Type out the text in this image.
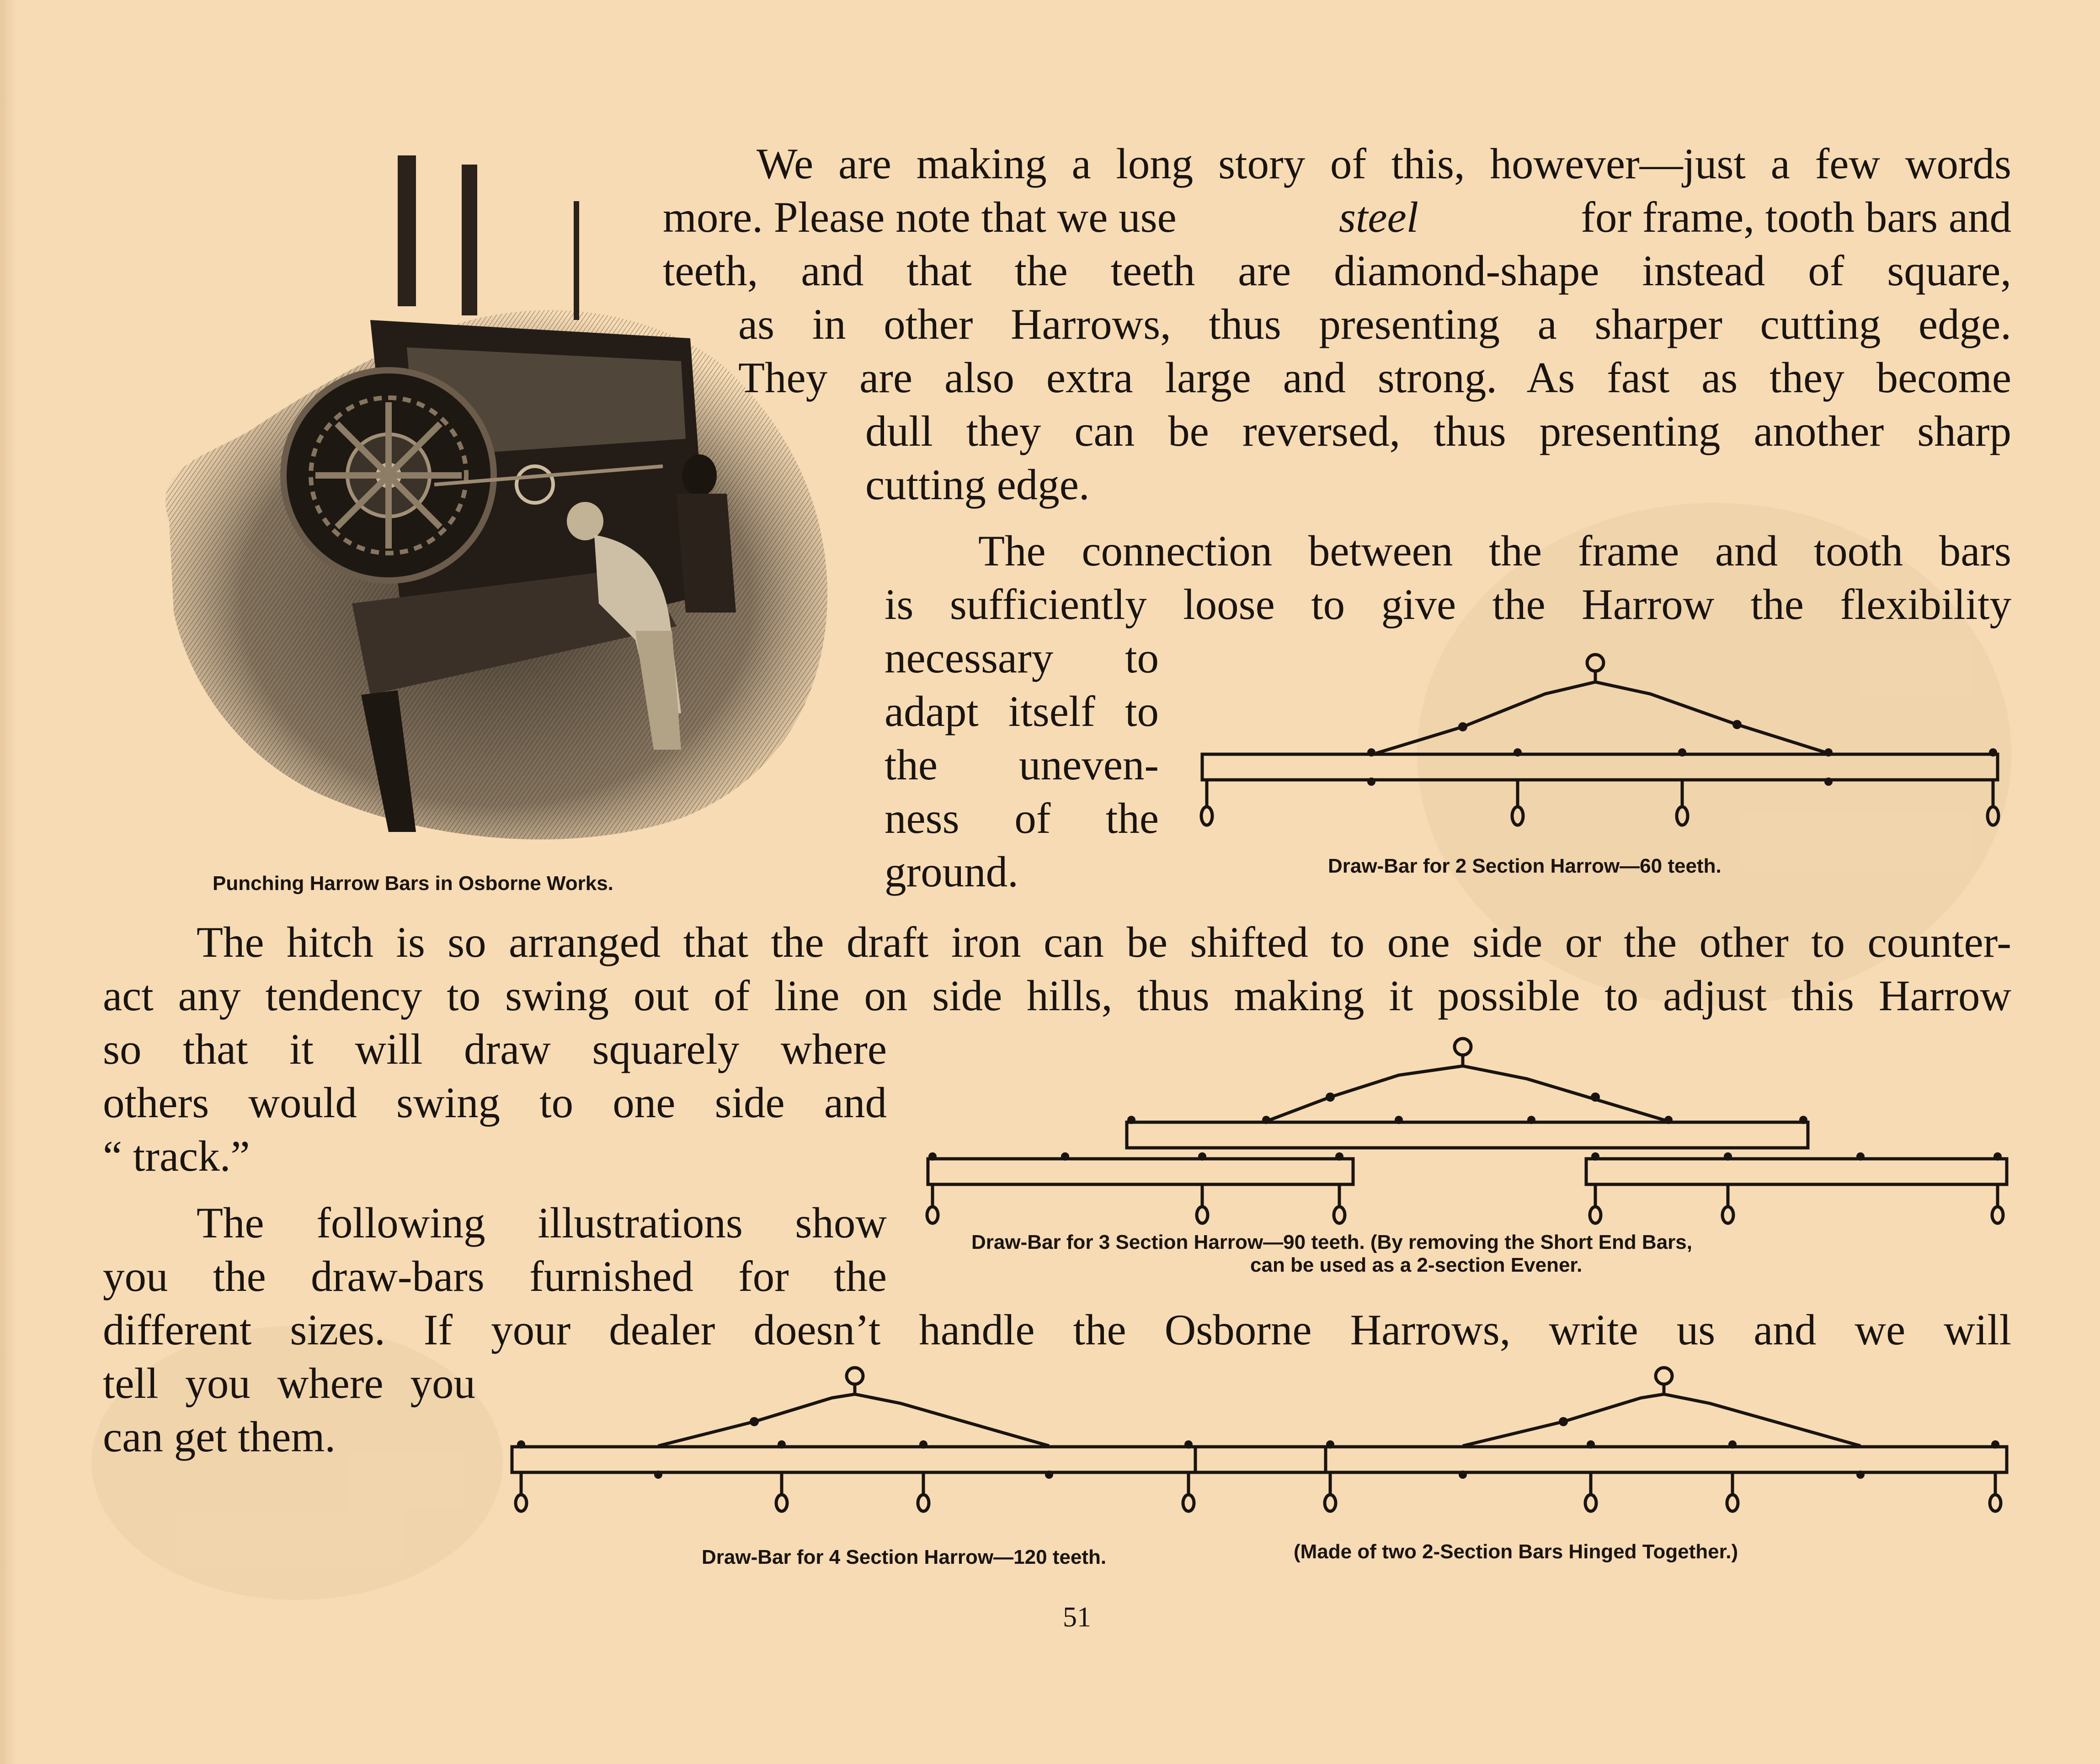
Punching Harrow Bars in Osborne Works.
We are making a long story of this, however—just a few words
more. Please note that we use	steel	for frame, tooth bars and
teeth, and that the teeth are diamond-shape instead of square,
as in other Harrows, thus presenting a sharper cutting edge.
They are also extra large and strong. As fast as they become
dull they can be reversed, thus presenting another sharp
cutting edge.
The connection between the frame and tooth bars
is sufficiently loose to give the Harrow the flexibility
necessary to
adapt itself to
the uneven-
ness of the
ground.	Draw-Bar for 2 Section Harrow—60 teeth.
The hitch is so arranged that the draft iron can be shifted to one side or the other to counter-
act any tendency to swing out of line on side hills, thus making it possible to adjust this Harrow
so that it will draw squarely where
others would swing to one side and
“ track.”
Draw-Bar for 3 Section Harrow—90 teeth. (By removing the Short End Bars,
can be used as a 2-section Evener.
The following illustrations show
you the draw-bars furnished for the
different sizes. If your dealer doesn’t handle the Osborne Harrows, write us and we will
tell you where you
can get them.
Draw-Bar for 4 Section Harrow—120 teeth.	(Made of two 2-Section Bars Hinged Together.)
51
